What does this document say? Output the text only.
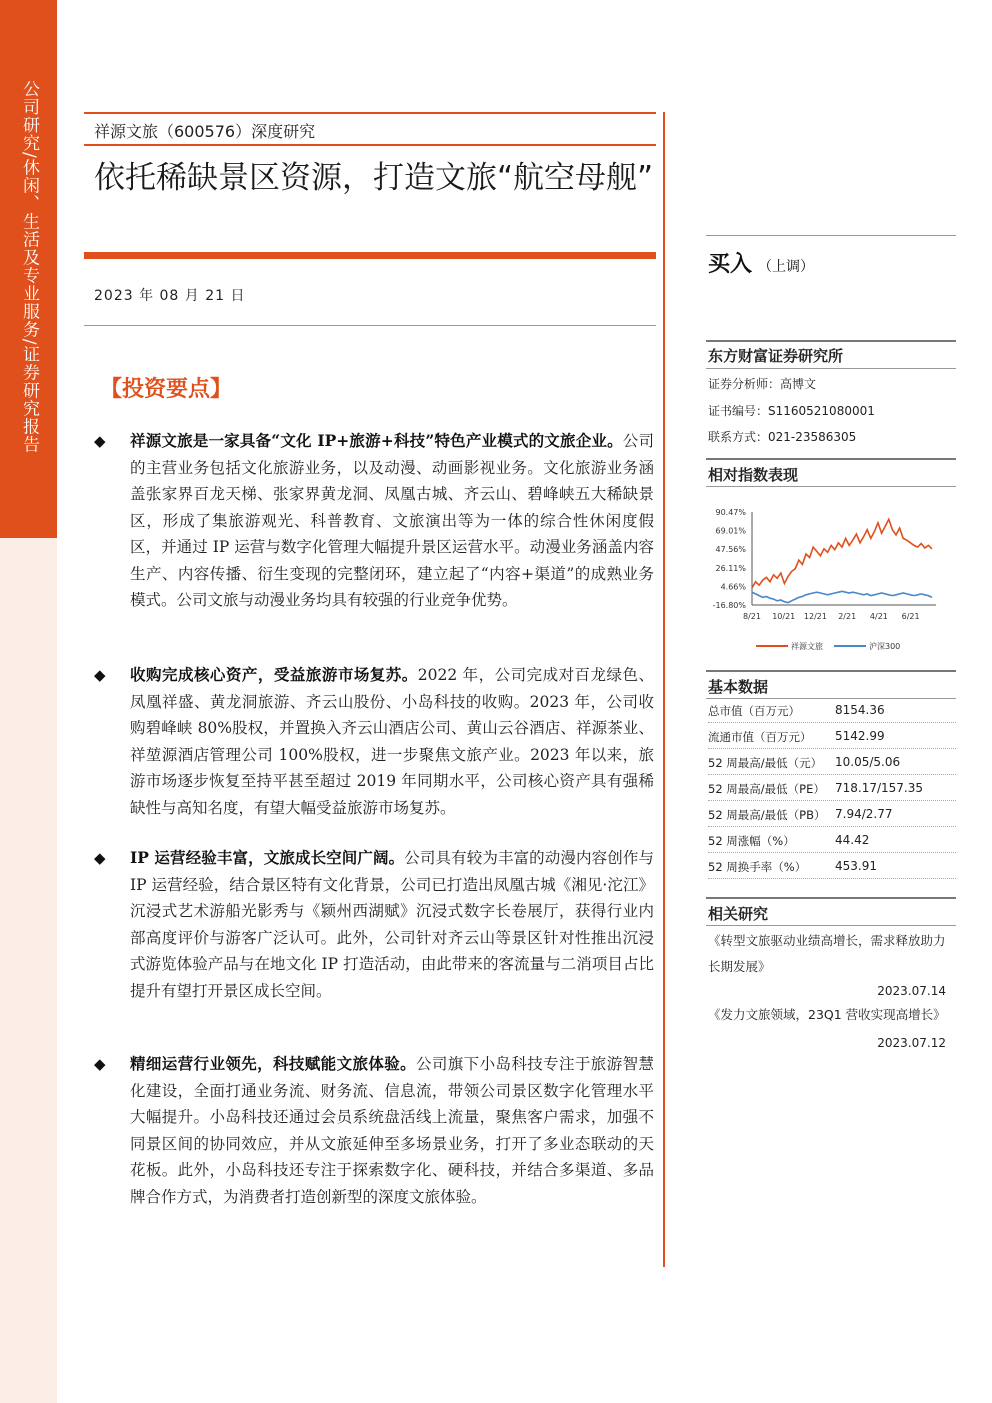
公司研究/休闲、生活及专业服务/证券研究报告	祥源文旅（600576）深度研究
依托稀缺景区资源，打造文旅“航空母舰”
2023 年 08 月 21 日
【投资要点】
◆ 祥源文旅是一家具备“文化 IP+旅游+科技”特色产业模式的文旅企业。公司的主营业务包括文化旅游业务，以及动漫、动画影视业务。文化旅游业务涵盖张家界百龙天梯、张家界黄龙洞、凤凰古城、齐云山、碧峰峡五大稀缺景区，形成了集旅游观光、科普教育、文旅演出等为一体的综合性休闲度假区，并通过 IP 运营与数字化管理大幅提升景区运营水平。动漫业务涵盖内容生产、内容传播、衍生变现的完整闭环，建立起了“内容+渠道”的成熟业务模式。公司文旅与动漫业务均具有较强的行业竞争优势。
◆ 收购完成核心资产，受益旅游市场复苏。2022 年，公司完成对百龙绿色、凤凰祥盛、黄龙洞旅游、齐云山股份、小岛科技的收购。2023 年，公司收购碧峰峡 80%股权，并置换入齐云山酒店公司、黄山云谷酒店、祥源茶业、祥堃源酒店管理公司 100%股权，进一步聚焦文旅产业。2023 年以来，旅游市场逐步恢复至持平甚至超过 2019 年同期水平，公司核心资产具有强稀缺性与高知名度，有望大幅受益旅游市场复苏。
◆ IP 运营经验丰富，文旅成长空间广阔。公司具有较为丰富的动漫内容创作与 IP 运营经验，结合景区特有文化背景，公司已打造出凤凰古城《湘见·沱江》沉浸式艺术游船光影秀与《颍州西湖赋》沉浸式数字长卷展厅，获得行业内部高度评价与游客广泛认可。此外，公司针对齐云山等景区针对性推出沉浸式游览体验产品与在地文化 IP 打造活动，由此带来的客流量与二消项目占比提升有望打开景区成长空间。
◆ 精细运营行业领先，科技赋能文旅体验。公司旗下小岛科技专注于旅游智慧化建设，全面打通业务流、财务流、信息流，带领公司景区数字化管理水平大幅提升。小岛科技还通过会员系统盘活线上流量，聚焦客户需求，加强不同景区间的协同效应，并从文旅延伸至多场景业务，打开了多业态联动的天花板。此外，小岛科技还专注于探索数字化、硬科技，并结合多渠道、多品牌合作方式，为消费者打造创新型的深度文旅体验。
买入 （上调）
东方财富证券研究所
证券分析师：高博文
证书编号：S1160521080001
联系方式：021-23586305
相对指数表现
90.47%
69.01%
47.56%
26.11%
4.66%
-16.80%
8/21 10/21 12/21 2/21 4/21 6/21
祥源文旅	沪深300
基本数据
总市值（百万元）	8154.36
流通市值（百万元） 5142.99
52 周最高/最低（元） 10.05/5.06
52 周最高/最低（PE） 718.17/157.35
52 周最高/最低（PB） 7.94/2.77
52 周涨幅（%）	44.42
52 周换手率（%） 453.91
相关研究
《转型文旅驱动业绩高增长，需求释放助力长期发展》
2023.07.14
《发力文旅领域，23Q1 营收实现高增长》
2023.07.12
